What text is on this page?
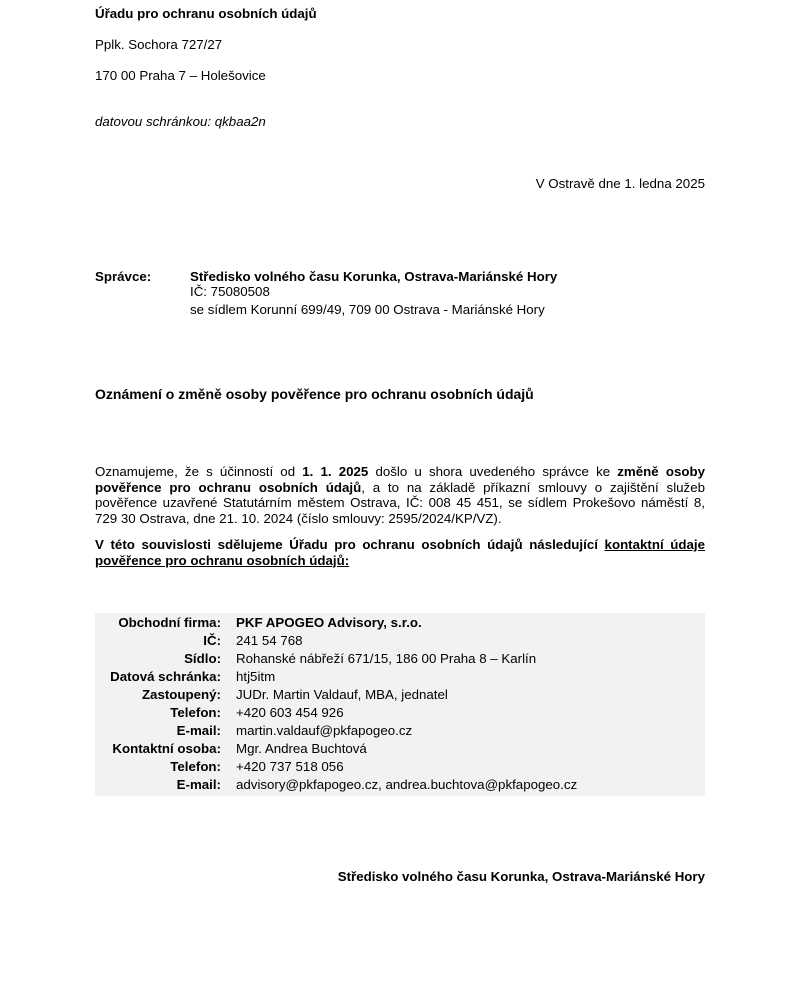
Úřadu pro ochranu osobních údajů
Pplk. Sochora 727/27
170 00 Praha 7 – Holešovice
datovou schránkou: qkbaa2n
V Ostravě dne 1. ledna 2025
Správce:	Středisko volného času Korunka, Ostrava-Mariánské Hory
IČ: 75080508
se sídlem Korunní 699/49, 709 00 Ostrava - Mariánské Hory
Oznámení o změně osoby pověřence pro ochranu osobních údajů

Oznamujeme, že s účinností od 1. 1. 2025 došlo u shora uvedeného správce ke změně osoby pověřence pro ochranu osobních údajů, a to na základě příkazní smlouvy o zajištění služeb pověřence uzavřené Statutárním městem Ostrava, IČ: 008 45 451, se sídlem Prokešovo náměstí 8, 729 30 Ostrava, dne 21. 10. 2024 (číslo smlouvy: 2595/2024/KP/VZ).

V této souvislosti sdělujeme Úřadu pro ochranu osobních údajů následující kontaktní údaje pověřence pro ochranu osobních údajů:

Obchodní firma: PKF APOGEO Advisory, s.r.o.
IČ: 241 54 768
Sídlo: Rohanské nábřeží 671/15, 186 00 Praha 8 – Karlín
Datová schránka: htj5itm
Zastoupený: JUDr. Martin Valdauf, MBA, jednatel
Telefon: +420 603 454 926
E-mail: martin.valdauf@pkfapogeo.cz
Kontaktní osoba: Mgr. Andrea Buchtová
Telefon: +420 737 518 056
E-mail: advisory@pkfapogeo.cz, andrea.buchtova@pkfapogeo.cz
Středisko volného času Korunka, Ostrava-Mariánské Hory
